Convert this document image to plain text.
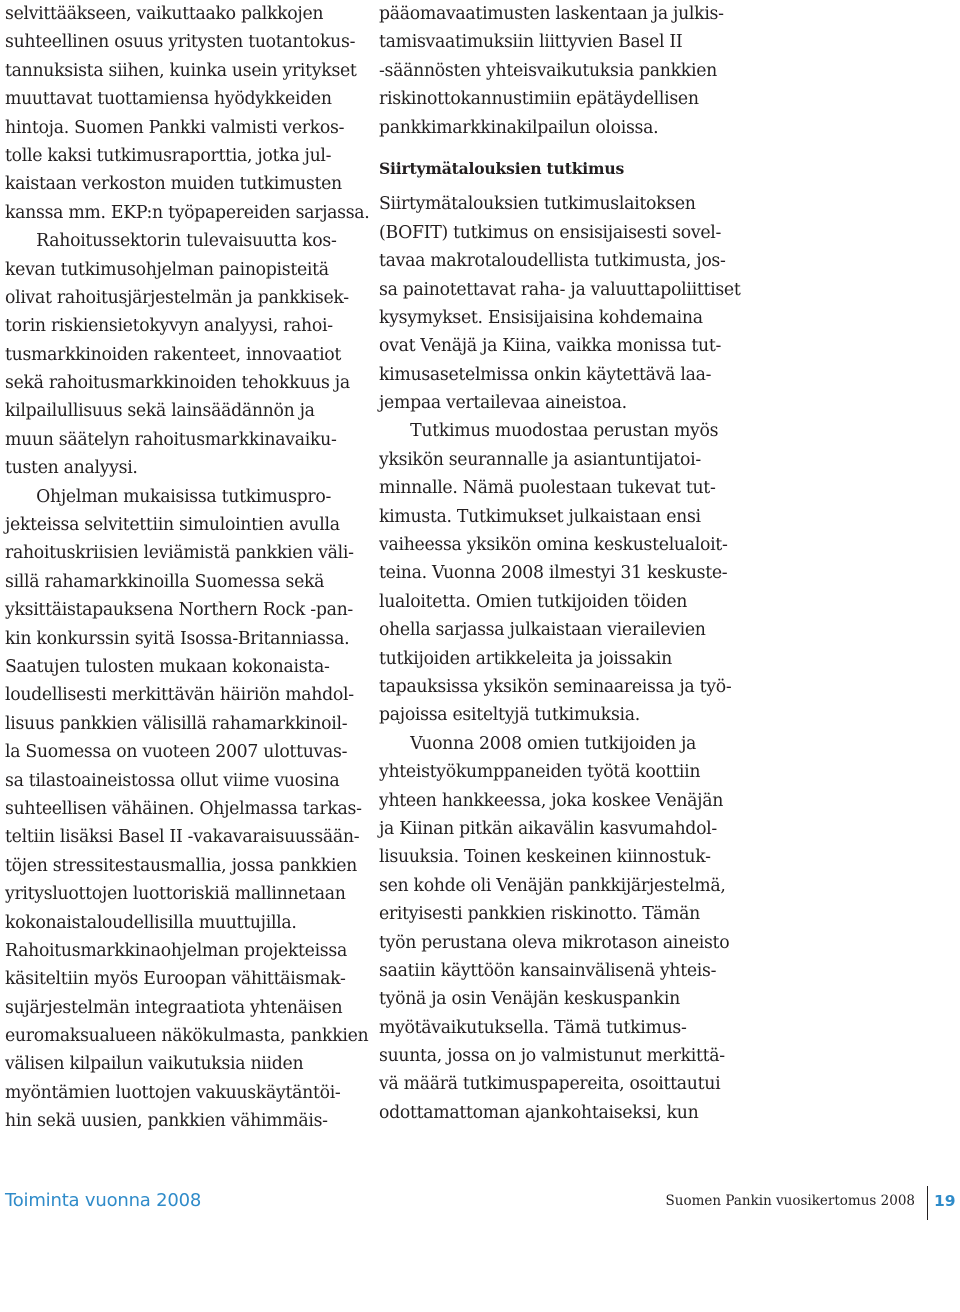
selvittääkseen, vaikuttaako palkkojen
suhteellinen osuus yritysten tuotantokus-
tannuksista siihen, kuinka usein yritykset
muuttavat tuottamiensa hyödykkeiden
hintoja. Suomen Pankki valmisti verkos-
tolle kaksi tutkimusraporttia, jotka jul-
kaistaan verkoston muiden tutkimusten
kanssa mm. EKP:n työpapereiden sarjassa.
Rahoitussektorin tulevaisuutta kos-
kevan tutkimusohjelman painopisteitä
olivat rahoitusjärjestelmän ja pankkisek-
torin riskiensietokyvyn analyysi, rahoi-
tusmarkkinoiden rakenteet, innovaatiot
sekä rahoitusmarkkinoiden tehokkuus ja
kilpailullisuus sekä lainsäädännön ja
muun säätelyn rahoitusmarkkinavaiku-
tusten analyysi.
Ohjelman mukaisissa tutkimuspro-
jekteissa selvitettiin simulointien avulla
rahoituskriisien leviämistä pankkien väli-
sillä rahamarkkinoilla Suomessa sekä
yksittäistapauksena Northern Rock -pan-
kin konkurssin syitä Isossa-Britanniassa.
Saatujen tulosten mukaan kokonaista-
loudellisesti merkittävän häiriön mahdol-
lisuus pankkien välisillä rahamarkkinoil-
la Suomessa on vuoteen 2007 ulottuvas-
sa tilastoaineistossa ollut viime vuosina
suhteellisen vähäinen. Ohjelmassa tarkas-
teltiin lisäksi Basel II -vakavaraisuussään-
töjen stressitestausmallia, jossa pankkien
yritysluottojen luottoriskiä mallinnetaan
kokonaistaloudellisilla muuttujilla.
Rahoitusmarkkinaohjelman projekteissa
käsiteltiin myös Euroopan vähittäismak-
sujärjestelmän integraatiota yhtenäisen
euromaksualueen näkökulmasta, pankkien
välisen kilpailun vaikutuksia niiden
myöntämien luottojen vakuuskäytäntöi-
hin sekä uusien, pankkien vähimmäis-
pääomavaatimusten laskentaan ja julkis-
tamisvaatimuksiin liittyvien Basel II
-säännösten yhteisvaikutuksia pankkien
riskinottokannustimiin epätäydellisen
pankkimarkkinakilpailun oloissa.
Siirtymätalouksien tutkimus
Siirtymätalouksien tutkimuslaitoksen
(BOFIT) tutkimus on ensisijaisesti sovel-
tavaa makrotaloudellista tutkimusta, jos-
sa painotettavat raha- ja valuuttapoliittiset
kysymykset. Ensisijaisina kohdemaina
ovat Venäjä ja Kiina, vaikka monissa tut-
kimusasetelmissa onkin käytettävä laa-
jempaa vertailevaa aineistoa.
Tutkimus muodostaa perustan myös
yksikön seurannalle ja asiantuntijatoi-
minnalle. Nämä puolestaan tukevat tut-
kimusta. Tutkimukset julkaistaan ensi
vaiheessa yksikön omina keskustelualoit-
teina. Vuonna 2008 ilmestyi 31 keskuste-
lualoitetta. Omien tutkijoiden töiden
ohella sarjassa julkaistaan vierailevien
tutkijoiden artikkeleita ja joissakin
tapauksissa yksikön seminaareissa ja työ-
pajoissa esiteltyjä tutkimuksia.
Vuonna 2008 omien tutkijoiden ja
yhteistyökumppaneiden työtä koottiin
yhteen hankkeessa, joka koskee Venäjän
ja Kiinan pitkän aikavälin kasvumahdol-
lisuuksia. Toinen keskeinen kiinnostuk-
sen kohde oli Venäjän pankkijärjestelmä,
erityisesti pankkien riskinotto. Tämän
työn perustana oleva mikrotason aineisto
saatiin käyttöön kansainvälisenä yhteis-
työnä ja osin Venäjän keskuspankin
myötävaikutuksella. Tämä tutkimus-
suunta, jossa on jo valmistunut merkittä-
vä määrä tutkimuspapereita, osoittautui
odottamattoman ajankohtaiseksi, kun
Toiminta vuonna 2008	Suomen Pankin vuosikertomus 2008 19
